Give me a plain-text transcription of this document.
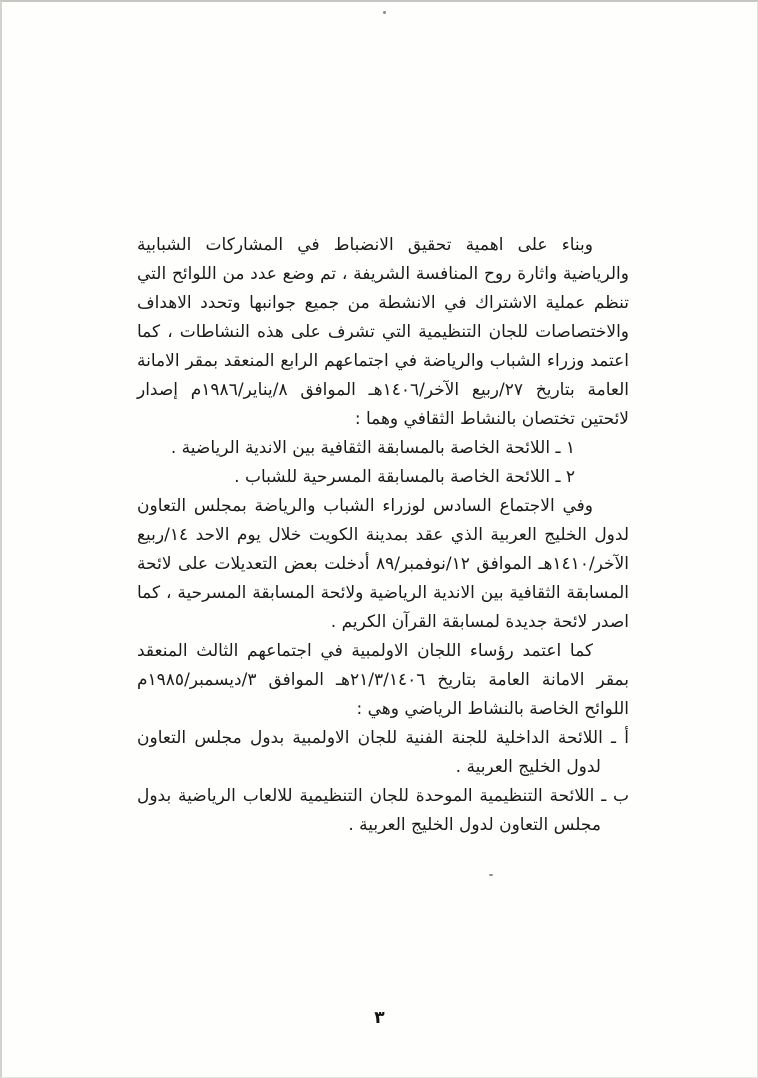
وبناء على اهمية تحقيق الانضباط في المشاركات الشبابية والرياضية واثارة روح المنافسة الشريفة ، تم وضع عدد من اللوائح التي تنظم عملية الاشتراك في الانشطة من جميع جوانبها وتحدد الاهداف والاختصاصات للجان التنظيمية التي تشرف على هذه النشاطات ، كما اعتمد وزراء الشباب والرياضة في اجتماعهم الرابع المنعقد بمقر الامانة العامة بتاريخ ٢٧/ربيع الآخر/١٤٠٦هـ الموافق ٨/يناير/١٩٨٦م إصدار لائحتين تختصان بالنشاط الثقافي وهما :

١ ـ اللائحة الخاصة بالمسابقة الثقافية بين الاندية الرياضية .

٢ ـ اللائحة الخاصة بالمسابقة المسرحية للشباب .

وفي الاجتماع السادس لوزراء الشباب والرياضة بمجلس التعاون لدول الخليج العربية الذي عقد بمدينة الكويت خلال يوم الاحد ١٤/ربيع الآخر/١٤١٠هـ الموافق ١٢/نوفمبر/٨٩ أدخلت بعض التعديلات على لائحة المسابقة الثقافية بين الاندية الرياضية ولائحة المسابقة المسرحية ، كما اصدر لائحة جديدة لمسابقة القرآن الكريم .

كما اعتمد رؤساء اللجان الاولمبية في اجتماعهم الثالث المنعقد بمقر الامانة العامة بتاريخ ٢١/٣/١٤٠٦هـ الموافق ٣/ديسمبر/١٩٨٥م اللوائح الخاصة بالنشاط الرياضي وهي :

أ ـ اللائحة الداخلية للجنة الفنية للجان الاولمبية بدول مجلس التعاون لدول الخليج العربية .

ب ـ اللائحة التنظيمية الموحدة للجان التنظيمية للالعاب الرياضية بدول مجلس التعاون لدول الخليج العربية .

٣
